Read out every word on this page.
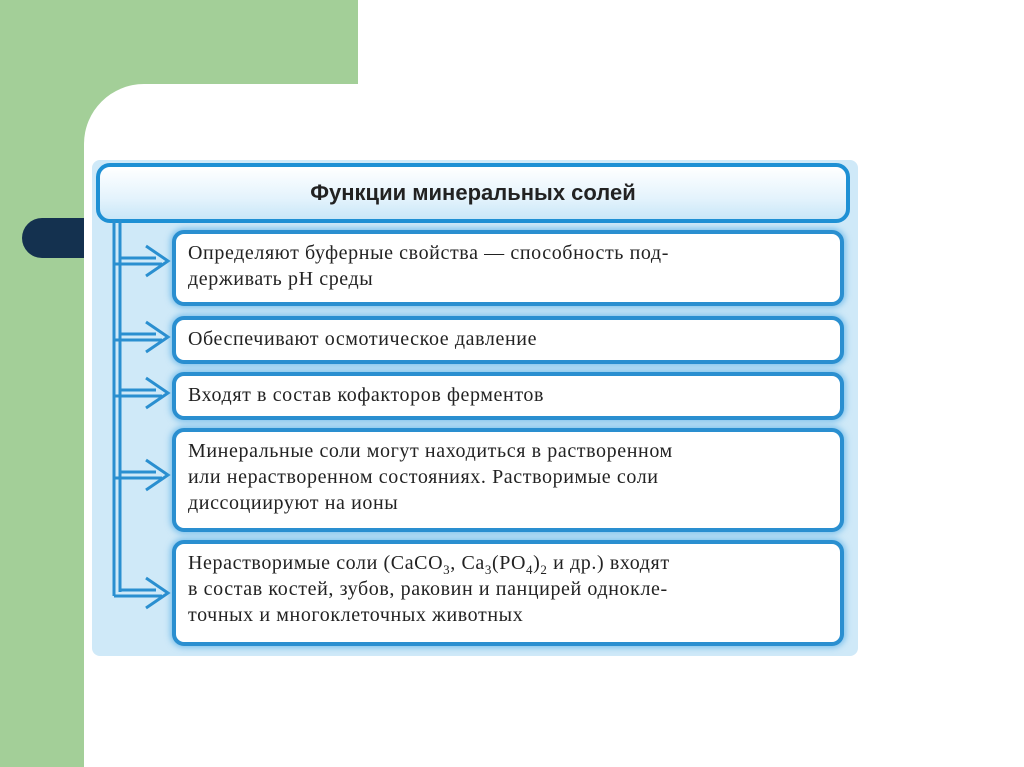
Функции минеральных солей
Определяют буферные свойства — способность под-
держивать pH среды
Обеспечивают осмотическое давление
Входят в состав кофакторов ферментов
Минеральные соли могут находиться в растворенном
или нерастворенном состояниях. Растворимые соли
диссоциируют на ионы
Нерастворимые соли (CaCO$_3$, $Ca_3(PO_4)_2$ и др.) входят
в состав костей, зубов, раковин и панцирей однокле-
точных и многоклеточных животных
